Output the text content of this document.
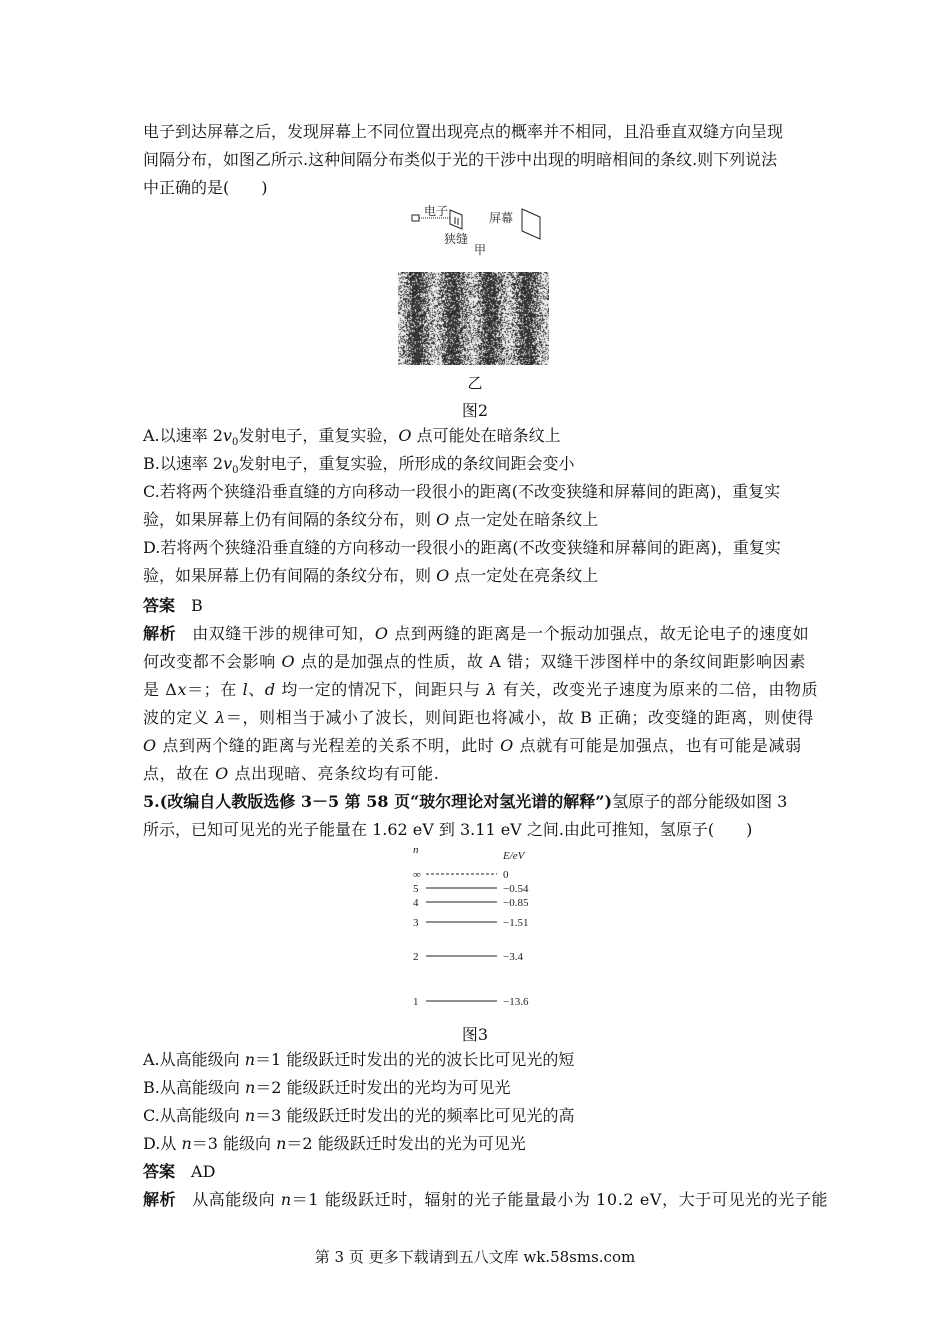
电子到达屏幕之后，发现屏幕上不同位置出现亮点的概率并不相同，且沿垂直双缝方向呈现
间隔分布，如图乙所示.这种间隔分布类似于光的干涉中出现的明暗相间的条纹.则下列说法
中正确的是(　　)
电子
狭缝
屏幕
甲
乙
图2
A.以速率 $2v_0$发射电子，重复实验，O 点可能处在暗条纹上
B.以速率 $2v_0$发射电子，重复实验，所形成的条纹间距会变小
C.若将两个狭缝沿垂直缝的方向移动一段很小的距离(不改变狭缝和屏幕间的距离)，重复实
验，如果屏幕上仍有间隔的条纹分布，则 O 点一定处在暗条纹上
D.若将两个狭缝沿垂直缝的方向移动一段很小的距离(不改变狭缝和屏幕间的距离)，重复实
验，如果屏幕上仍有间隔的条纹分布，则 O 点一定处在亮条纹上
答案 B
解析 由双缝干涉的规律可知，O 点到两缝的距离是一个振动加强点，故无论电子的速度如
何改变都不会影响 O 点的是加强点的性质，故 A 错；双缝干涉图样中的条纹间距影响因素
是 Δx＝；在 l、d 均一定的情况下，间距只与 λ 有关，改变光子速度为原来的二倍，由物质
波的定义 λ＝，则相当于减小了波长，则间距也将减小，故 B 正确；改变缝的距离，则使得
O 点到两个缝的距离与光程差的关系不明，此时 O 点就有可能是加强点，也有可能是减弱
点，故在 O 点出现暗、亮条纹均有可能.
5.(改编自人教版选修 3－5 第 58 页“玻尔理论对氢光谱的解释”)氢原子的部分能级如图 3
所示，已知可见光的光子能量在 1.62 eV 到 3.11 eV 之间.由此可推知，氢原子(　　)
n	E/eV
∞	0
5	−0.54
4	−0.85
3	−1.51
2	−3.4
1	−13.6
图3
A.从高能级向 n＝1 能级跃迁时发出的光的波长比可见光的短
B.从高能级向 n＝2 能级跃迁时发出的光均为可见光
C.从高能级向 n＝3 能级跃迁时发出的光的频率比可见光的高
D.从 n＝3 能级向 n＝2 能级跃迁时发出的光为可见光
答案 AD
解析 从高能级向 n＝1 能级跃迁时，辐射的光子能量最小为 10.2 eV，大于可见光的光子能
第 3 页 更多下载请到五八文库 wk.58sms.com
